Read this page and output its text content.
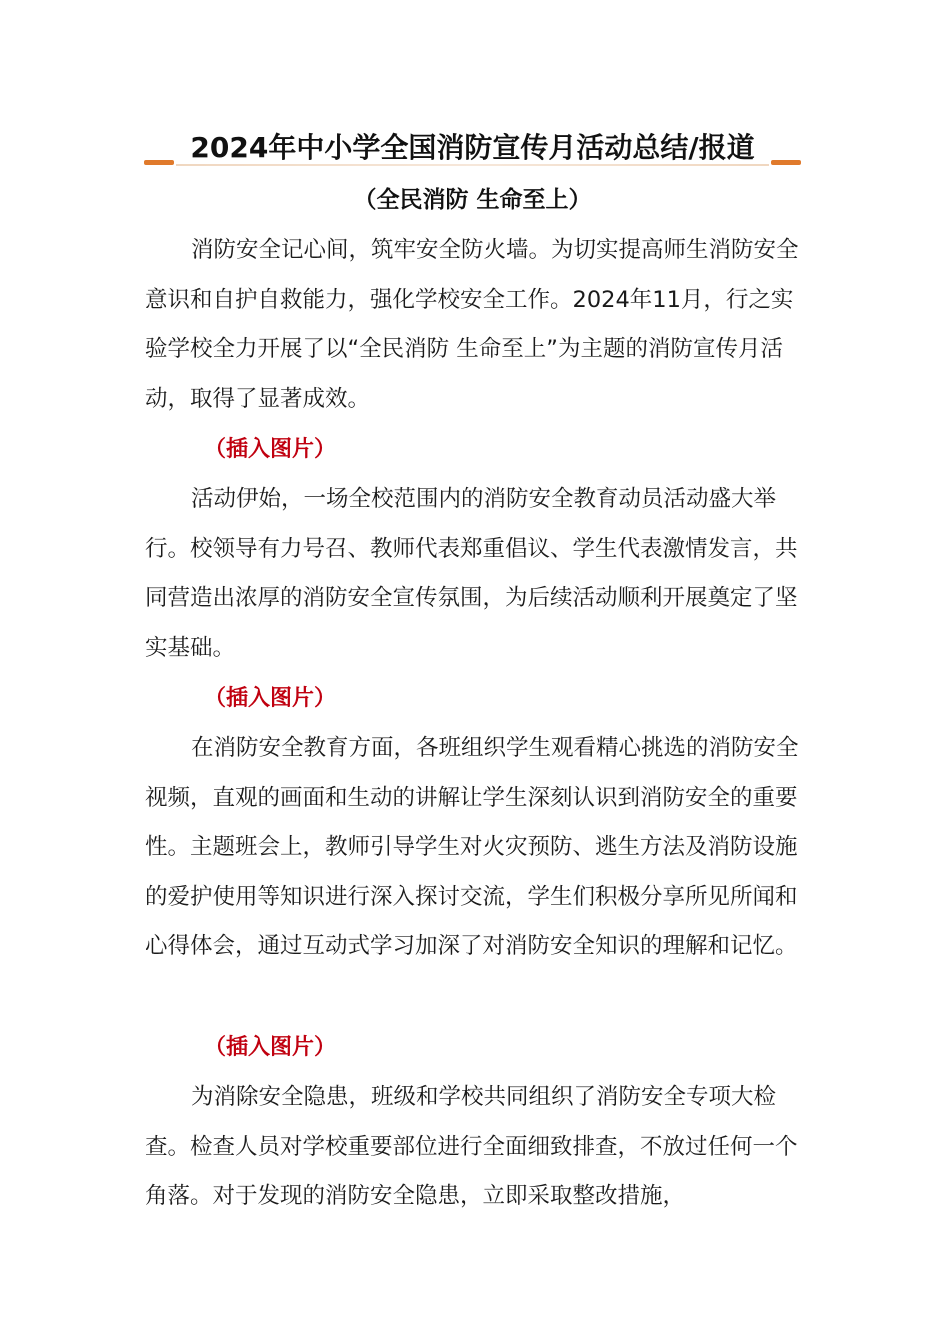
2024年中小学全国消防宣传月活动总结/报道
（全民消防 生命至上）

消防安全记心间，筑牢安全防火墙。为切实提高师生消防安全意识和自护自救能力，强化学校安全工作。2024年11月，行之实验学校全力开展了以“全民消防 生命至上”为主题的消防宣传月活动，取得了显著成效。

（插入图片）

活动伊始，一场全校范围内的消防安全教育动员活动盛大举行。校领导有力号召、教师代表郑重倡议、学生代表激情发言，共同营造出浓厚的消防安全宣传氛围，为后续活动顺利开展奠定了坚实基础。

（插入图片）

在消防安全教育方面，各班组织学生观看精心挑选的消防安全视频，直观的画面和生动的讲解让学生深刻认识到消防安全的重要性。主题班会上，教师引导学生对火灾预防、逃生方法及消防设施的爱护使用等知识进行深入探讨交流，学生们积极分享所见所闻和心得体会，通过互动式学习加深了对消防安全知识的理解和记忆。

（插入图片）

为消除安全隐患，班级和学校共同组织了消防安全专项大检查。检查人员对学校重要部位进行全面细致排查，不放过任何一个角落。对于发现的消防安全隐患，立即采取整改措施，
